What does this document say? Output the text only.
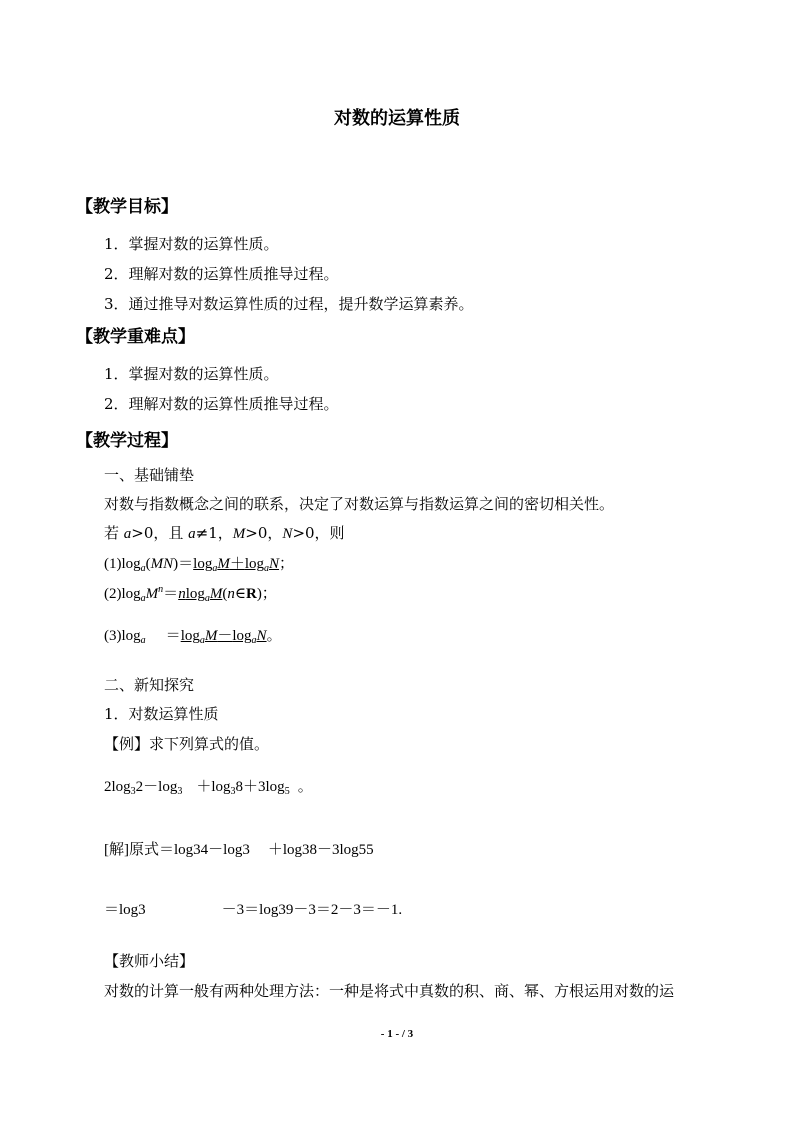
对数的运算性质
【教学目标】
1．掌握对数的运算性质。
2．理解对数的运算性质推导过程。
3．通过推导对数运算性质的过程，提升数学运算素养。
【教学重难点】
1．掌握对数的运算性质。
2．理解对数的运算性质推导过程。
【教学过程】
一、基础铺垫
对数与指数概念之间的联系，决定了对数运算与指数运算之间的密切相关性。
若 a>0，且 a≠1，M>0，N>0，则
$(1)\log_a(MN)=\log_aM+\log_aN$；
$(2)\log_aM^n=nlog_aM(n\in R)$；
$(3)\log_a =\log_aM-\log_aN$。
二、新知探究
1．对数运算性质
【例】求下列算式的值。
$2\log_32-\log_3 +\log_38+3\log_5$ 。
[解]原式＝log34－log3 ＋log38－3log55
＝log3	－3＝log39－3＝2－3＝－1.
【教师小结】
对数的计算一般有两种处理方法：一种是将式中真数的积、商、幂、方根运用对数的运
- 1 - / 3
